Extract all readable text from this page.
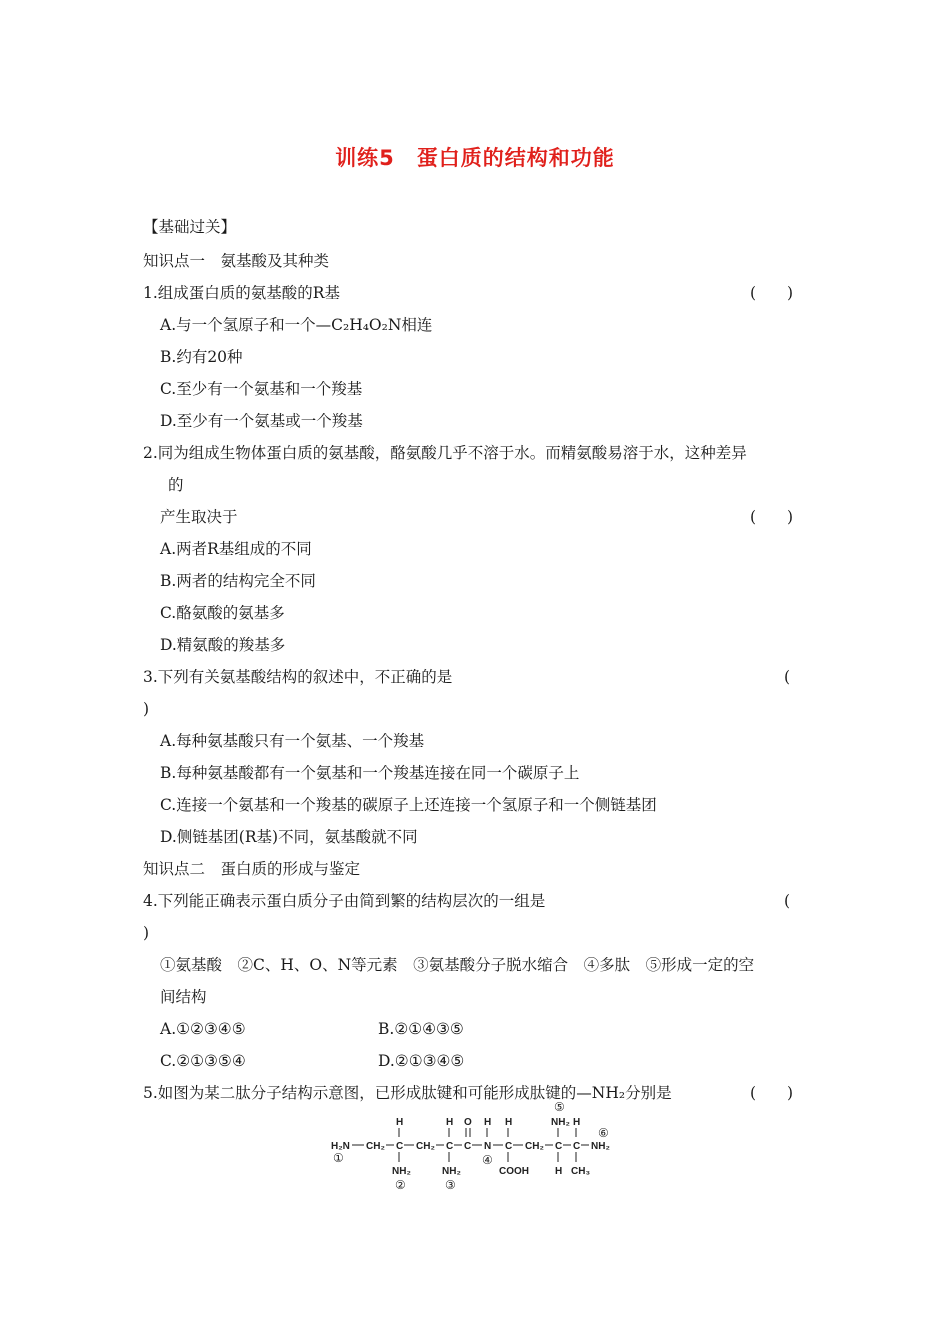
训练5　蛋白质的结构和功能
【基础过关】
知识点一　氨基酸及其种类
1.组成蛋白质的氨基酸的R基	(　　)
A.与一个氢原子和一个—C₂H₄O₂N相连
B.约有20种
C.至少有一个氨基和一个羧基
D.至少有一个氨基或一个羧基
2.同为组成生物体蛋白质的氨基酸，酪氨酸几乎不溶于水。而精氨酸易溶于水，这种差异
的
产生取决于	(　　)
A.两者R基组成的不同
B.两者的结构完全不同
C.酪氨酸的氨基多
D.精氨酸的羧基多
3.下列有关氨基酸结构的叙述中，不正确的是	(
)
A.每种氨基酸只有一个氨基、一个羧基
B.每种氨基酸都有一个氨基和一个羧基连接在同一个碳原子上
C.连接一个氨基和一个羧基的碳原子上还连接一个氢原子和一个侧链基团
D.侧链基团(R基)不同，氨基酸就不同
知识点二　蛋白质的形成与鉴定
4.下列能正确表示蛋白质分子由简到繁的结构层次的一组是	(
)
①氨基酸　②C、H、O、N等元素　③氨基酸分子脱水缩合　④多肽　⑤形成一定的空
间结构
A.①②③④⑤	B.②①④③⑤
C.②①③⑤④	D.②①③④⑤
5.如图为某二肽分子结构示意图，已形成肽键和可能形成肽键的—NH₂分别是	(　　)
H₂N CH₂ C CH₂ C C N C CH₂ C C NH₂
H	H O H H	NH₂ H
NH₂	NH₂	COOH	H CH₃
①
②	③
④
⑤
⑥
